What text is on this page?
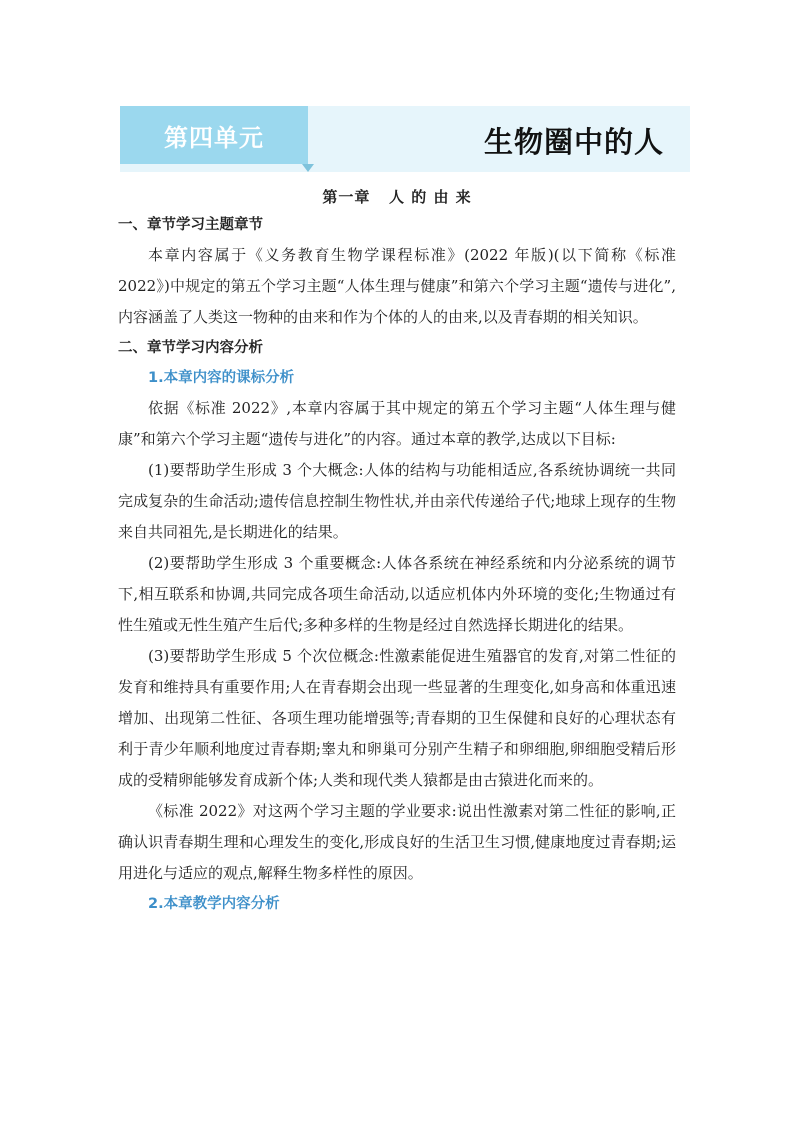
第四单元	生物圈中的人
第一章   人 的 由 来
一、章节学习主题章节

本章内容属于《义务教育生物学课程标准》(2022 年版)(以下简称《标准2022》)中规定的第五个学习主题“人体生理与健康”和第六个学习主题“遗传与进化”,内容涵盖了人类这一物种的由来和作为个体的人的由来,以及青春期的相关知识。

二、章节学习内容分析
1.本章内容的课标分析

依据《标准 2022》,本章内容属于其中规定的第五个学习主题“人体生理与健康”和第六个学习主题“遗传与进化”的内容。通过本章的教学,达成以下目标:

(1)要帮助学生形成 3 个大概念:人体的结构与功能相适应,各系统协调统一共同完成复杂的生命活动;遗传信息控制生物性状,并由亲代传递给子代;地球上现存的生物来自共同祖先,是长期进化的结果。

(2)要帮助学生形成 3 个重要概念:人体各系统在神经系统和内分泌系统的调节下,相互联系和协调,共同完成各项生命活动,以适应机体内外环境的变化;生物通过有性生殖或无性生殖产生后代;多种多样的生物是经过自然选择长期进化的结果。

(3)要帮助学生形成 5 个次位概念:性激素能促进生殖器官的发育,对第二性征的发育和维持具有重要作用;人在青春期会出现一些显著的生理变化,如身高和体重迅速增加、出现第二性征、各项生理功能增强等;青春期的卫生保健和良好的心理状态有利于青少年顺利地度过青春期;睾丸和卵巢可分别产生精子和卵细胞,卵细胞受精后形成的受精卵能够发育成新个体;人类和现代类人猿都是由古猿进化而来的。

《标准 2022》对这两个学习主题的学业要求:说出性激素对第二性征的影响,正确认识青春期生理和心理发生的变化,形成良好的生活卫生习惯,健康地度过青春期;运用进化与适应的观点,解释生物多样性的原因。

2.本章教学内容分析
